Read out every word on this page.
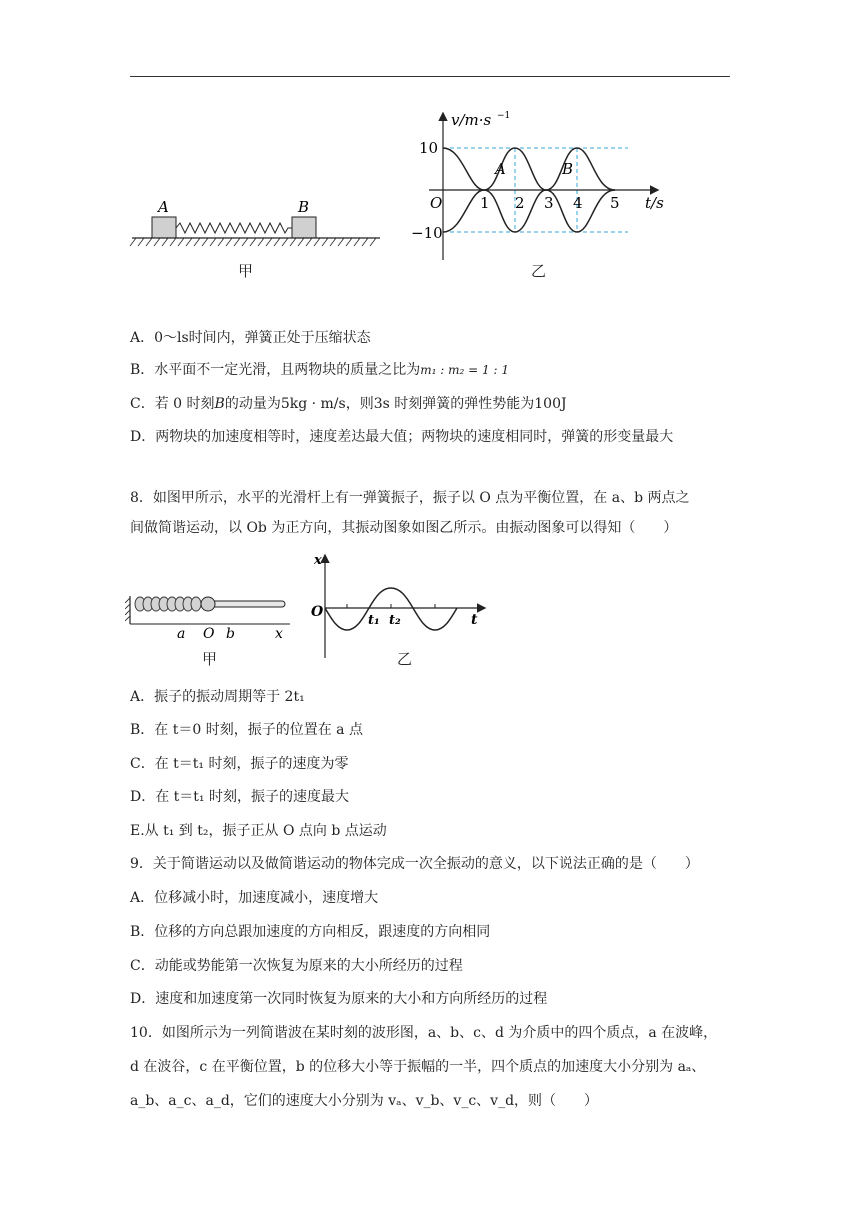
A	B
甲
v/m·s −1
t/s
O
10
−10
1 2 3 4 5
A	B
乙
A．0～ls时间内，弹簧正处于压缩状态
B．水平面不一定光滑，且两物块的质量之比为m₁ : m₂ = 1 : 1
C．若 0 时刻B的动量为5kg · m/s，则3s 时刻弹簧的弹性势能为100J
D．两物块的加速度相等时，速度差达最大值；两物块的速度相同时，弹簧的形变量最大
8．如图甲所示，水平的光滑杆上有一弹簧振子，振子以 O 点为平衡位置，在 a、b 两点之
间做简谐运动，以 Ob 为正方向，其振动图象如图乙所示。由振动图象可以得知（　　）
a O b	x
甲
x
O	t
t₁ t₂
乙
A．振子的振动周期等于 2t₁
B．在 t＝0 时刻，振子的位置在 a 点
C．在 t＝t₁ 时刻，振子的速度为零
D．在 t＝t₁ 时刻，振子的速度最大
E.从 t₁ 到 t₂，振子正从 O 点向 b 点运动
9．关于简谐运动以及做简谐运动的物体完成一次全振动的意义，以下说法正确的是（　　）
A．位移减小时，加速度减小，速度增大
B．位移的方向总跟加速度的方向相反，跟速度的方向相同
C．动能或势能第一次恢复为原来的大小所经历的过程
D．速度和加速度第一次同时恢复为原来的大小和方向所经历的过程
10．如图所示为一列简谐波在某时刻的波形图，a、b、c、d 为介质中的四个质点，a 在波峰，
d 在波谷，c 在平衡位置，b 的位移大小等于振幅的一半，四个质点的加速度大小分别为 aₐ、
a_b、a_c、a_d，它们的速度大小分别为 vₐ、v_b、v_c、v_d，则（　　）
